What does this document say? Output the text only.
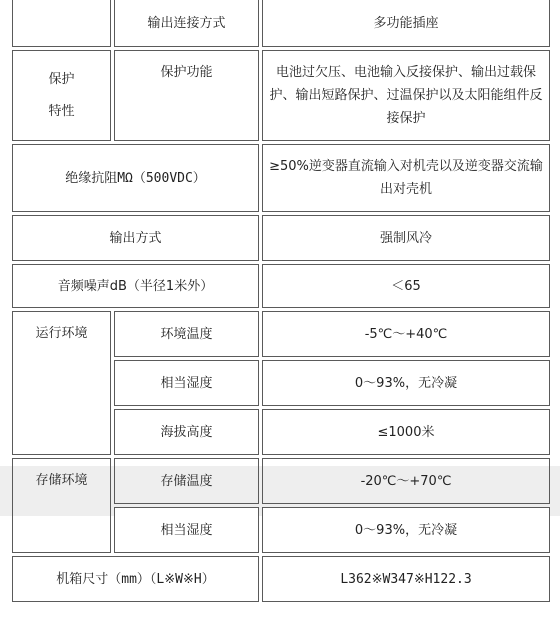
	输出连接方式	多功能插座

保护
特性	保护功能	电池过欠压、电池输入反接保护、输出过载保护、输出短路保护、过温保护以及太阳能组件反接保护
绝缘抗阻MΩ（500VDC）		≥50%逆变器直流输入对机壳以及逆变器交流输出对壳机
输出方式		强制风冷
音频噪声dB（半径1米外）		＜65
运行环境	环境温度	-5℃～+40℃
	相当湿度	0～93%，无冷凝
	海拔高度	≤1000米
存储环境	存储温度	-20℃～+70℃
	相当湿度	0～93%，无冷凝
机箱尺寸（mm）（L※W※H）		L362※W347※H122.3
